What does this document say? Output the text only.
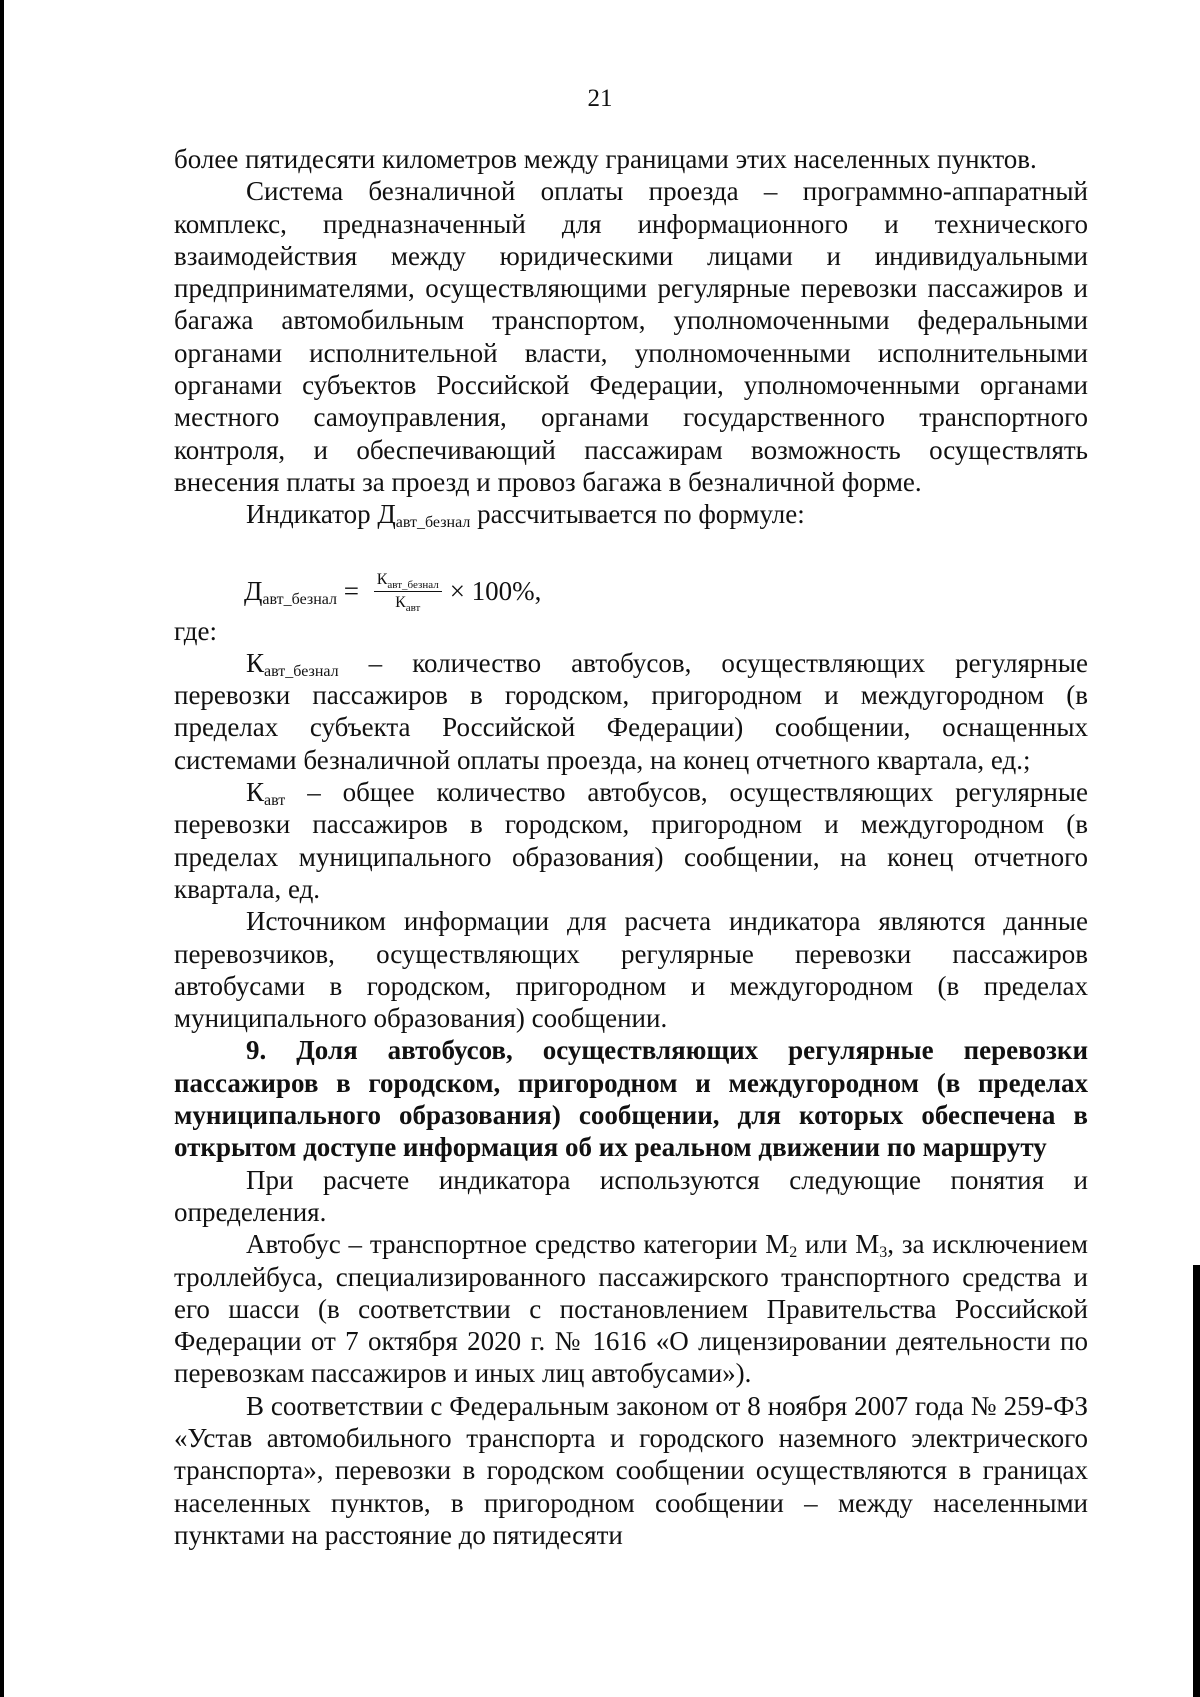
21

более пятидесяти километров между границами этих населенных пунктов.

Система безналичной оплаты проезда – программно-аппаратный комплекс, предназначенный для информационного и технического взаимодействия между юридическими лицами и индивидуальными предпринимателями, осуществляющими регулярные перевозки пассажиров и багажа автомобильным транспортом, уполномоченными федеральными органами исполнительной власти, уполномоченными исполнительными органами субъектов Российской Федерации, уполномоченными органами местного самоуправления, органами государственного транспортного контроля, и обеспечивающий пассажирам возможность осуществлять внесения платы за проезд и провоз багажа в безналичной форме.

Индикатор $Д_{авт\_безнал}$ рассчитывается по формуле:

$Д_{авт\_безнал} = \frac{К_{авт\_безнал}}{К_{авт}} \times 100\%$,

где:

$К_{авт\_безнал}$ – количество автобусов, осуществляющих регулярные перевозки пассажиров в городском, пригородном и междугородном (в пределах субъекта Российской Федерации) сообщении, оснащенных системами безналичной оплаты проезда, на конец отчетного квартала, ед.;

$К_{авт}$ – общее количество автобусов, осуществляющих регулярные перевозки пассажиров в городском, пригородном и междугородном (в пределах муниципального образования) сообщении, на конец отчетного квартала, ед.

Источником информации для расчета индикатора являются данные перевозчиков, осуществляющих регулярные перевозки пассажиров автобусами в городском, пригородном и междугородном (в пределах муниципального образования) сообщении.

9. Доля автобусов, осуществляющих регулярные перевозки пассажиров в городском, пригородном и междугородном (в пределах муниципального образования) сообщении, для которых обеспечена в открытом доступе информация об их реальном движении по маршруту

При расчете индикатора используются следующие понятия и определения.

Автобус – транспортное средство категории $М_2$ или $М_3$, за исключением троллейбуса, специализированного пассажирского транспортного средства и его шасси (в соответствии с постановлением Правительства Российской Федерации от 7 октября 2020 г. № 1616 «О лицензировании деятельности по перевозкам пассажиров и иных лиц автобусами»).

В соответствии с Федеральным законом от 8 ноября 2007 года № 259-ФЗ «Устав автомобильного транспорта и городского наземного электрического транспорта», перевозки в городском сообщении осуществляются в границах населенных пунктов, в пригородном сообщении – между населенными пунктами на расстояние до пятидесяти
